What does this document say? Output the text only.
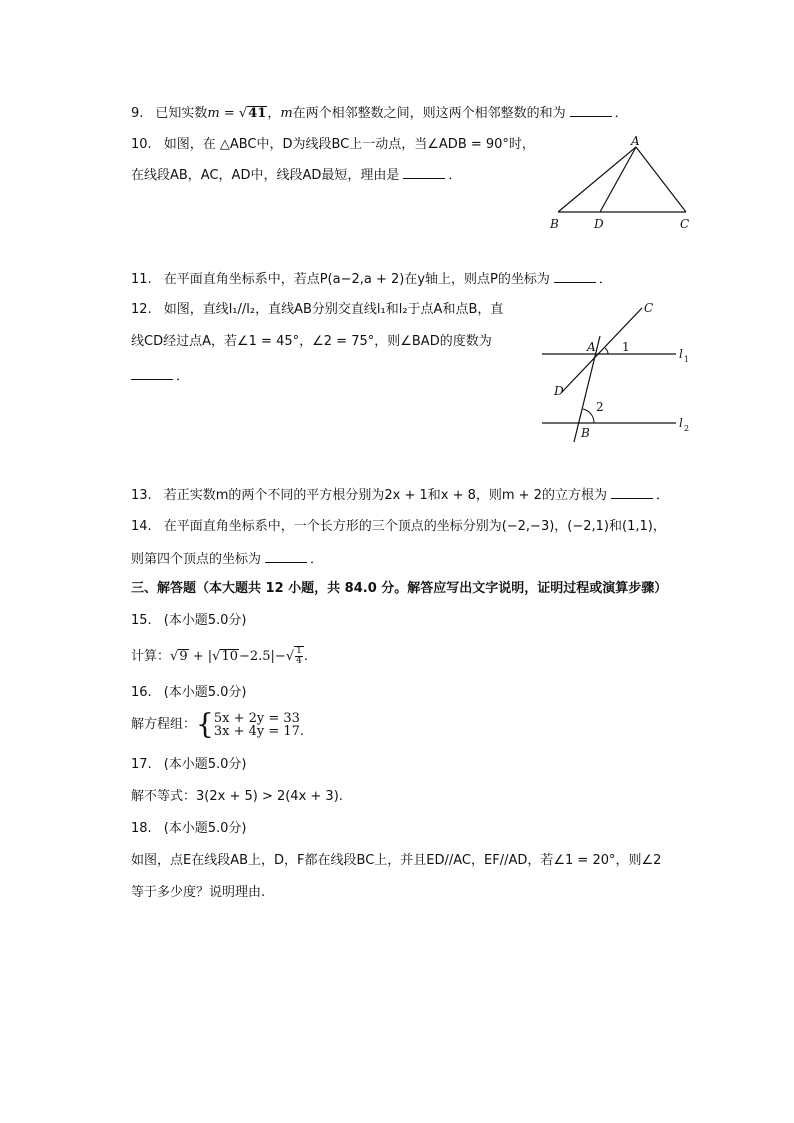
9. 已知实数m = √41，m在两个相邻整数之间，则这两个相邻整数的和为	．
10. 如图，在 △ABC中，D为线段BC上一动点，当∠ADB = 90°时，
在线段AB，AC，AD中，线段AD最短，理由是	．
A
B	D	C
11. 在平面直角坐标系中，若点P(a−2,a + 2)在y轴上，则点P的坐标为	．
12. 如图，直线l₁//l₂，直线AB分别交直线l₁和l₂于点A和点B，直
线CD经过点A，若∠1 = 45°，∠2 = 75°，则∠BAD的度数为
．
A
B
C
D
1
2
l 1
l 2
13. 若正实数m的两个不同的平方根分别为2x + 1和x + 8，则m + 2的立方根为	．
14. 在平面直角坐标系中，一个长方形的三个顶点的坐标分别为(−2,−3)，(−2,1)和(1,1)，
则第四个顶点的坐标为	．
三、解答题（本大题共 12 小题，共 84.0 分。解答应写出文字说明，证明过程或演算步骤）
15. (本小题5.0分)
计算：$√9 + |√10-2.5|-√ \frac{1}{4}$ .
16. (本小题5.0分)
解方程组：{ 5x + 2y = 33
3x + 4y = 17.
17. (本小题5.0分)
解不等式：3(2x + 5) > 2(4x + 3).
18. (本小题5.0分)
如图，点E在线段AB上，D，F都在线段BC上，并且ED//AC，EF//AD，若∠1 = 20°，则∠2
等于多少度？说明理由.
